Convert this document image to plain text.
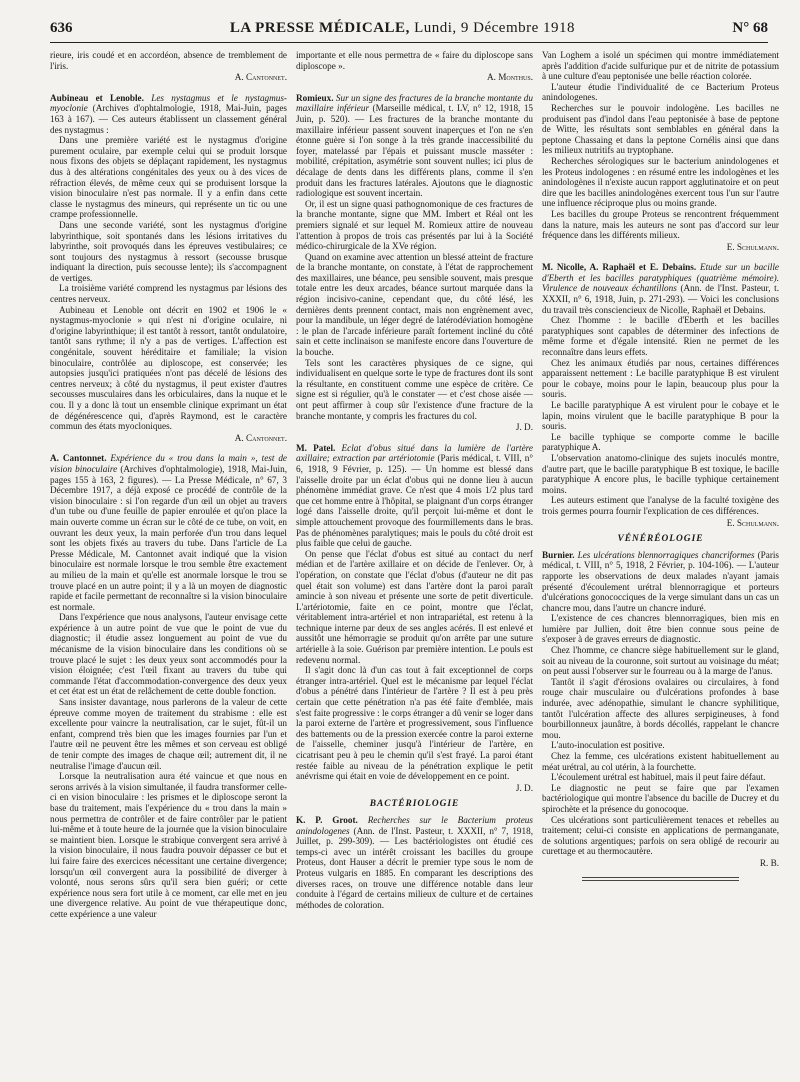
636	LA PRESSE MÉDICALE, Lundi, 9 Décembre 1918	N° 68

rieure, iris coudé et en accordéon, absence de tremblement de l'iris.

A. Cantonnet.

Aubineau et Lenoble. Les nystagmus et le nystagmus-myoclonie (Archives d'ophtalmologie, 1918, Mai-Juin, pages 163 à 167). — Ces auteurs établissent un classement général des nystagmus :

Dans une première variété est le nystagmus d'origine purement oculaire, par exemple celui qui se produit lorsque nous fixons des objets se déplaçant rapidement, les nystagmus dus à des altérations congénitales des yeux ou à des vices de réfraction élevés, de même ceux qui se produisent lorsque la vision binoculaire n'est pas normale. Il y a enfin dans cette classe le nystagmus des mineurs, qui représente un tic ou une crampe professionnelle.

Dans une seconde variété, sont les nystagmus d'origine labyrinthique, soit spontanés dans les lésions irritatives du labyrinthe, soit provoqués dans les épreuves vestibulaires; ce sont toujours des nystagmus à ressort (secousse brusque indiquant la direction, puis secousse lente); ils s'accompagnent de vertiges.

La troisième variété comprend les nystagmus par lésions des centres nerveux.

Aubineau et Lenoble ont décrit en 1902 et 1906 le « nystagmus-myoclonie » qui n'est ni d'origine oculaire, ni d'origine labyrinthique; il est tantôt à ressort, tantôt ondulatoire, tantôt sans rythme; il n'y a pas de vertiges. L'affection est congénitale, souvent héréditaire et familiale; la vision binoculaire, contrôlée au diploscope, est conservée; les autopsies jusqu'ici pratiquées n'ont pas décelé de lésions des centres nerveux; à côté du nystagmus, il peut exister d'autres secousses musculaires dans les orbiculaires, dans la nuque et le cou. Il y a donc là tout un ensemble clinique exprimant un état de dégénérescence qui, d'après Raymond, est le caractère commun des états myocloniques.

A. Cantonnet.

A. Cantonnet. Expérience du « trou dans la main », test de vision binoculaire (Archives d'ophtalmologie), 1918, Mai-Juin, pages 155 à 163, 2 figures). — La Presse Médicale, n° 67, 3 Décembre 1917, a déjà exposé ce procédé de contrôle de la vision binoculaire : si l'on regarde d'un œil un objet au travers d'un tube ou d'une feuille de papier enroulée et qu'on place la main ouverte comme un écran sur le côté de ce tube, on voit, en ouvrant les deux yeux, la main perforée d'un trou dans lequel sont les objets fixés au travers du tube. Dans l'article de La Presse Médicale, M. Cantonnet avait indiqué que la vision binoculaire est normale lorsque le trou semble être exactement au milieu de la main et qu'elle est anormale lorsque le trou se trouve placé en un autre point; il y a là un moyen de diagnostic rapide et facile permettant de reconnaître si la vision binoculaire est normale.

Dans l'expérience que nous analysons, l'auteur envisage cette expérience à un autre point de vue que le point de vue du diagnostic; il étudie assez longuement au point de vue du mécanisme de la vision binoculaire dans les conditions où se trouve placé le sujet : les deux yeux sont accommodés pour la vision éloignée; c'est l'œil fixant au travers du tube qui commande l'état d'accommodation-convergence des deux yeux et cet état est un état de relâchement de cette double fonction.

Sans insister davantage, nous parlerons de la valeur de cette épreuve comme moyen de traitement du strabisme : elle est excellente pour vaincre la neutralisation, car le sujet, fût-il un enfant, comprend très bien que les images fournies par l'un et l'autre œil ne peuvent être les mêmes et son cerveau est obligé de tenir compte des images de chaque œil; autrement dit, il ne neutralise l'image d'aucun œil.

Lorsque la neutralisation aura été vaincue et que nous en serons arrivés à la vision simultanée, il faudra transformer celle-ci en vision binoculaire : les prismes et le diploscope seront la base du traitement, mais l'expérience du « trou dans la main » nous permettra de contrôler et de faire contrôler par le patient lui-même et à toute heure de la journée que la vision binoculaire se maintient bien. Lorsque le strabique convergent sera arrivé à la vision binoculaire, il nous faudra pouvoir dépasser ce but et lui faire faire des exercices nécessitant une certaine divergence; lorsqu'un œil convergent aura la possibilité de diverger à volonté, nous serons sûrs qu'il sera bien guéri; or cette expérience nous sera fort utile à ce moment, car elle met en jeu une divergence relative. Au point de vue thérapeutique donc, cette expérience a une valeur

importante et elle nous permettra de « faire du diploscope sans diploscope ».

A. Monthus.

Romieux. Sur un signe des fractures de la branche montante du maxillaire inférieur (Marseille médical, t. LV, n° 12, 1918, 15 Juin, p. 520). — Les fractures de la branche montante du maxillaire inférieur passent souvent inaperçues et l'on ne s'en étonne guère si l'on songe à la très grande inaccessibilité du foyer, matelassé par l'épais et puissant muscle masséter : mobilité, crépitation, asymétrie sont souvent nulles; ici plus de décalage de dents dans les différents plans, comme il s'en produit dans les fractures latérales. Ajoutons que le diagnostic radiologique est souvent incertain.

Or, il est un signe quasi pathognomonique de ces fractures de la branche montante, signe que MM. Imbert et Réal ont les premiers signalé et sur lequel M. Romieux attire de nouveau l'attention à propos de trois cas présentés par lui à la Société médico-chirurgicale de la XVe région.

Quand on examine avec attention un blessé atteint de fracture de la branche montante, on constate, à l'état de rapprochement des maxillaires, une béance, peu sensible souvent, mais presque totale entre les deux arcades, béance surtout marquée dans la région incisivo-canine, cependant que, du côté lésé, les dernières dents prennent contact, mais non engrènement avec, pour la mandibule, un léger degré de latérodéviation homogène : le plan de l'arcade inférieure paraît fortement incliné du côté sain et cette inclinaison se manifeste encore dans l'ouverture de la bouche.

Tels sont les caractères physiques de ce signe, qui individualisent en quelque sorte le type de fractures dont ils sont la résultante, en constituent comme une espèce de critère. Ce signe est si régulier, qu'à le constater — et c'est chose aisée — ont peut affirmer à coup sûr l'existence d'une fracture de la branche montante, y compris les fractures du col.

J. D.

M. Patel. Eclat d'obus situé dans la lumière de l'artère axillaire; extraction par artériotomie (Paris médical, t. VIII, n° 6, 1918, 9 Février, p. 125). — Un homme est blessé dans l'aisselle droite par un éclat d'obus qui ne donne lieu à aucun phénomène immédiat grave. Ce n'est que 4 mois 1/2 plus tard que cet homme entre à l'hôpital, se plaignant d'un corps étranger logé dans l'aisselle droite, qu'il perçoit lui-même et dont le simple attouchement provoque des fourmillements dans le bras. Pas de phénomènes paralytiques; mais le pouls du côté droit est plus faible que celui de gauche.

On pense que l'éclat d'obus est situé au contact du nerf médian et de l'artère axillaire et on décide de l'enlever. Or, à l'opération, on constate que l'éclat d'obus (d'auteur ne dit pas quel était son volume) est dans l'artère dont la paroi paraît amincie à son niveau et présente une sorte de petit diverticule. L'artériotomie, faite en ce point, montre que l'éclat, véritablement intra-artériel et non intrapariétal, est retenu à la technique interne par deux de ses angles acérés. Il est enlevé et aussitôt une hémorragie se produit qu'on arrête par une suture artérielle à la soie. Guérison par première intention. Le pouls est redevenu normal.

Il s'agit donc là d'un cas tout à fait exceptionnel de corps étranger intra-artériel. Quel est le mécanisme par lequel l'éclat d'obus a pénétré dans l'intérieur de l'artère ? Il est à peu près certain que cette pénétration n'a pas été faite d'emblée, mais s'est faite progressive : le corps étranger a dû venir se loger dans la paroi externe de l'artère et progressivement, sous l'influence des battements ou de la pression exercée contre la paroi externe de l'aisselle, cheminer jusqu'à l'intérieur de l'artère, en cicatrisant peu à peu le chemin qu'il s'est frayé. La paroi étant restée faible au niveau de la pénétration explique le petit anévrisme qui était en voie de développement en ce point.

J. D.
BACTÉRIOLOGIE

K. P. Groot. Recherches sur le Bacterium proteus anindologenes (Ann. de l'Inst. Pasteur, t. XXXII, n° 7, 1918, Juillet, p. 299-309). — Les bactériologistes ont étudié ces temps-ci avec un intérêt croissant les bacilles du groupe Proteus, dont Hauser a décrit le premier type sous le nom de Proteus vulgaris en 1885. En comparant les descriptions des diverses races, on trouve une différence notable dans leur conduite à l'égard de certains milieux de culture et de certaines méthodes de coloration.

Van Loghem a isolé un spécimen qui montre immédiatement après l'addition d'acide sulfurique pur et de nitrite de potassium à une culture d'eau peptonisée une belle réaction colorée.

L'auteur étudie l'individualité de ce Bacterium Proteus anindologenes.

Recherches sur le pouvoir indologène. Les bacilles ne produisent pas d'indol dans l'eau peptonisée à base de peptone de Witte, les résultats sont semblables en général dans la peptone Chassaing et dans la peptone Cornélis ainsi que dans les milieux nutritifs au tryptophane.

Recherches sérologiques sur le bacterium anindologenes et les Proteus indologenes : en résumé entre les indologènes et les anindologènes il n'existe aucun rapport agglutinatoire et on peut dire que les bacilles anindologènes exercent tous l'un sur l'autre une influence réciproque plus ou moins grande.

Les bacilles du groupe Proteus se rencontrent fréquemment dans la nature, mais les auteurs ne sont pas d'accord sur leur fréquence dans les différents milieux.

E. Schulmann.

M. Nicolle, A. Raphaël et E. Debains. Etude sur un bacille d'Eberth et les bacilles paratyphiques (quatrième mémoire). Virulence de nouveaux échantillons (Ann. de l'Inst. Pasteur, t. XXXII, n° 6, 1918, Juin, p. 271-293). — Voici les conclusions du travail très consciencieux de Nicolle, Raphaël et Debains.

Chez l'homme : le bacille d'Eberth et les bacilles paratyphiques sont capables de déterminer des infections de même forme et d'égale intensité. Rien ne permet de les reconnaître dans leurs effets.

Chez les animaux étudiés par nous, certaines différences apparaissent nettement : Le bacille paratyphique B est virulent pour le cobaye, moins pour le lapin, beaucoup plus pour la souris.

Le bacille paratyphique A est virulent pour le cobaye et le lapin, moins virulent que le bacille paratyphique B pour la souris.

Le bacille typhique se comporte comme le bacille paratyphique A.

L'observation anatomo-clinique des sujets inoculés montre, d'autre part, que le bacille paratyphique B est toxique, le bacille paratyphique A encore plus, le bacille typhique certainement moins.

Les auteurs estiment que l'analyse de la faculté toxigène des trois germes pourra fournir l'explication de ces différences.

E. Schulmann.
VÉNÉRÉOLOGIE

Burnier. Les ulcérations blennorragiques chancriformes (Paris médical, t. VIII, n° 5, 1918, 2 Février, p. 104-106). — L'auteur rapporte les observations de deux malades n'ayant jamais présenté d'écoulement urétral blennorragique et porteurs d'ulcérations gonococciques de la verge simulant dans un cas un chancre mou, dans l'autre un chancre induré.

L'existence de ces chancres blennorragiques, bien mis en lumière par Jullien, doit être bien connue sous peine de s'exposer à de graves erreurs de diagnostic.

Chez l'homme, ce chancre siège habituellement sur le gland, soit au niveau de la couronne, soit surtout au voisinage du méat; on peut aussi l'observer sur le fourreau ou à la marge de l'anus.

Tantôt il s'agit d'érosions ovalaires ou circulaires, à fond rouge chair musculaire ou d'ulcérations profondes à base indurée, avec adénopathie, simulant le chancre syphilitique, tantôt l'ulcération affecte des allures serpigineuses, à fond bourbillonneux jaunâtre, à bords décollés, rappelant le chancre mou.

L'auto-inoculation est positive.

Chez la femme, ces ulcérations existent habituellement au méat urétral, au col utérin, à la fourchette.

L'écoulement urétral est habituel, mais il peut faire défaut.

Le diagnostic ne peut se faire que par l'examen bactériologique qui montre l'absence du bacille de Ducrey et du spirochète et la présence du gonocoque.

Ces ulcérations sont particulièrement tenaces et rebelles au traitement; celui-ci consiste en applications de permanganate, de solutions argentiques; parfois on sera obligé de recourir au curettage et au thermocautère.

R. B.
